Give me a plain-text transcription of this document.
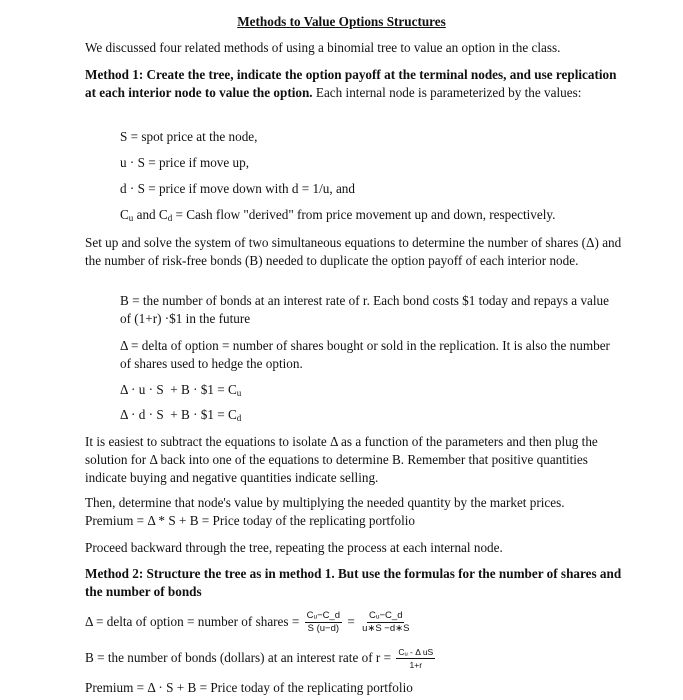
Methods to Value Options Structures
We discussed four related methods of using a binomial tree to value an option in the class.
Method 1: Create the tree, indicate the option payoff at the terminal nodes, and use replication at each interior node to value the option. Each internal node is parameterized by the values:
S = spot price at the node,
u · S = price if move up,
d · S = price if move down with d = 1/u, and
$C_u$ and $C_d$ = Cash flow "derived" from price movement up and down, respectively.
Set up and solve the system of two simultaneous equations to determine the number of shares (Δ) and the number of risk-free bonds (B) needed to duplicate the option payoff of each interior node.
B = the number of bonds at an interest rate of r. Each bond costs $1 today and repays a value of (1+r) ·$1 in the future
Δ = delta of option = number of shares bought or sold in the replication. It is also the number of shares used to hedge the option.
Δ · u · S  + B · $1 = $C_u$
Δ · d · S  + B · $1 = $C_d$
It is easiest to subtract the equations to isolate Δ as a function of the parameters and then plug the solution for Δ back into one of the equations to determine B. Remember that positive quantities indicate buying and negative quantities indicate selling.
Then, determine that node's value by multiplying the needed quantity by the market prices.
Premium = Δ * S + B = Price today of the replicating portfolio
Proceed backward through the tree, repeating the process at each internal node.
Method 2: Structure the tree as in method 1. But use the formulas for the number of shares and the number of bonds
Δ = delta of option = number of shares = $\frac{\text{Cᵤ−C\_d}}{S (u-d)} = \frac{\text{Cᵤ−C\_d}}{u∗S -d∗S}$
B = the number of bonds (dollars) at an interest rate of $r = \frac{\text{Cᵤ - Δ uS}}{1+r}$
Premium = Δ · S + B = Price today of the replicating portfolio
